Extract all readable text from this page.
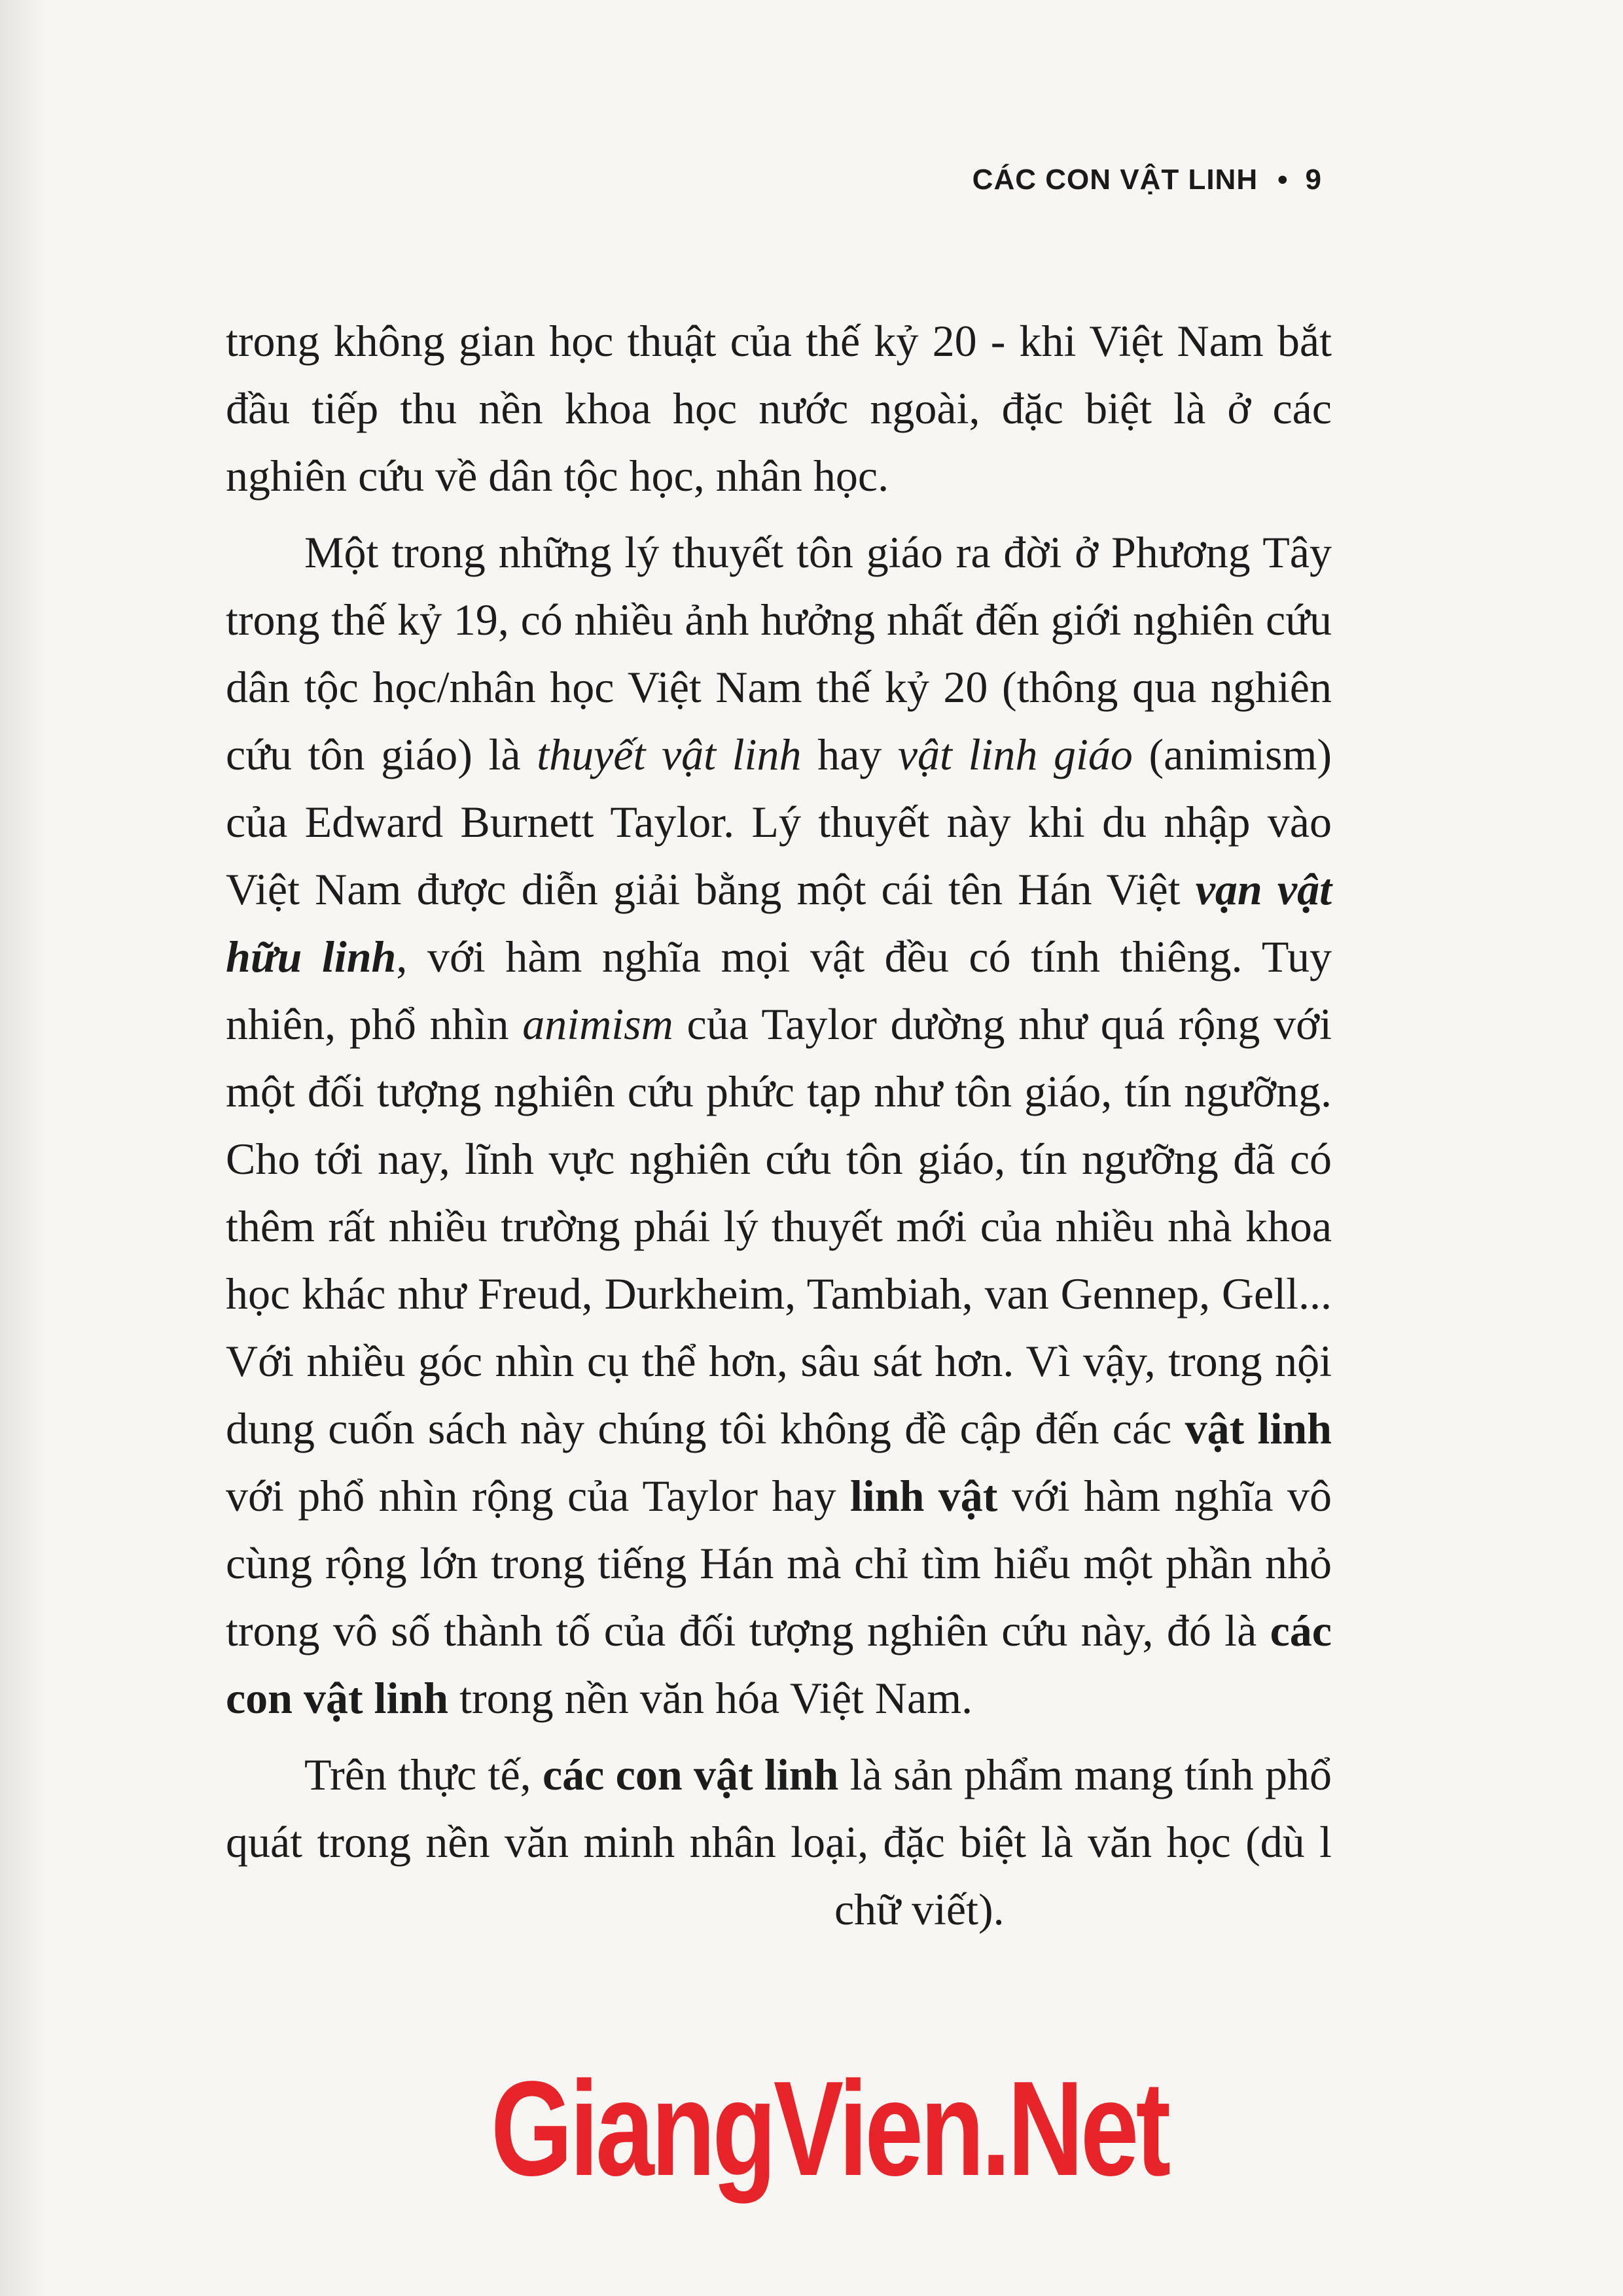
CÁC CON VẬT LINH • 9

trong không gian học thuật của thế kỷ 20 - khi Việt Nam bắt đầu tiếp thu nền khoa học nước ngoài, đặc biệt là ở các nghiên cứu về dân tộc học, nhân học.

Một trong những lý thuyết tôn giáo ra đời ở Phương Tây trong thế kỷ 19, có nhiều ảnh hưởng nhất đến giới nghiên cứu dân tộc học/nhân học Việt Nam thế kỷ 20 (thông qua nghiên cứu tôn giáo) là thuyết vật linh hay vật linh giáo (animism) của Edward Burnett Taylor. Lý thuyết này khi du nhập vào Việt Nam được diễn giải bằng một cái tên Hán Việt vạn vật hữu linh, với hàm nghĩa mọi vật đều có tính thiêng. Tuy nhiên, phổ nhìn animism của Taylor dường như quá rộng với một đối tượng nghiên cứu phức tạp như tôn giáo, tín ngưỡng. Cho tới nay, lĩnh vực nghiên cứu tôn giáo, tín ngưỡng đã có thêm rất nhiều trường phái lý thuyết mới của nhiều nhà khoa học khác như Freud, Durkheim, Tambiah, van Gennep, Gell... Với nhiều góc nhìn cụ thể hơn, sâu sát hơn. Vì vậy, trong nội dung cuốn sách này chúng tôi không đề cập đến các vật linh với phổ nhìn rộng của Taylor hay linh vật với hàm nghĩa vô cùng rộng lớn trong tiếng Hán mà chỉ tìm hiểu một phần nhỏ trong vô số thành tố của đối tượng nghiên cứu này, đó là các con vật linh trong nền văn hóa Việt Nam.

Trên thực tế, các con vật linh là sản phẩm mang tính phổ quát trong nền văn minh nhân loại, đặc biệt là văn học (dù lchữ viết).

GiangVien.Net
